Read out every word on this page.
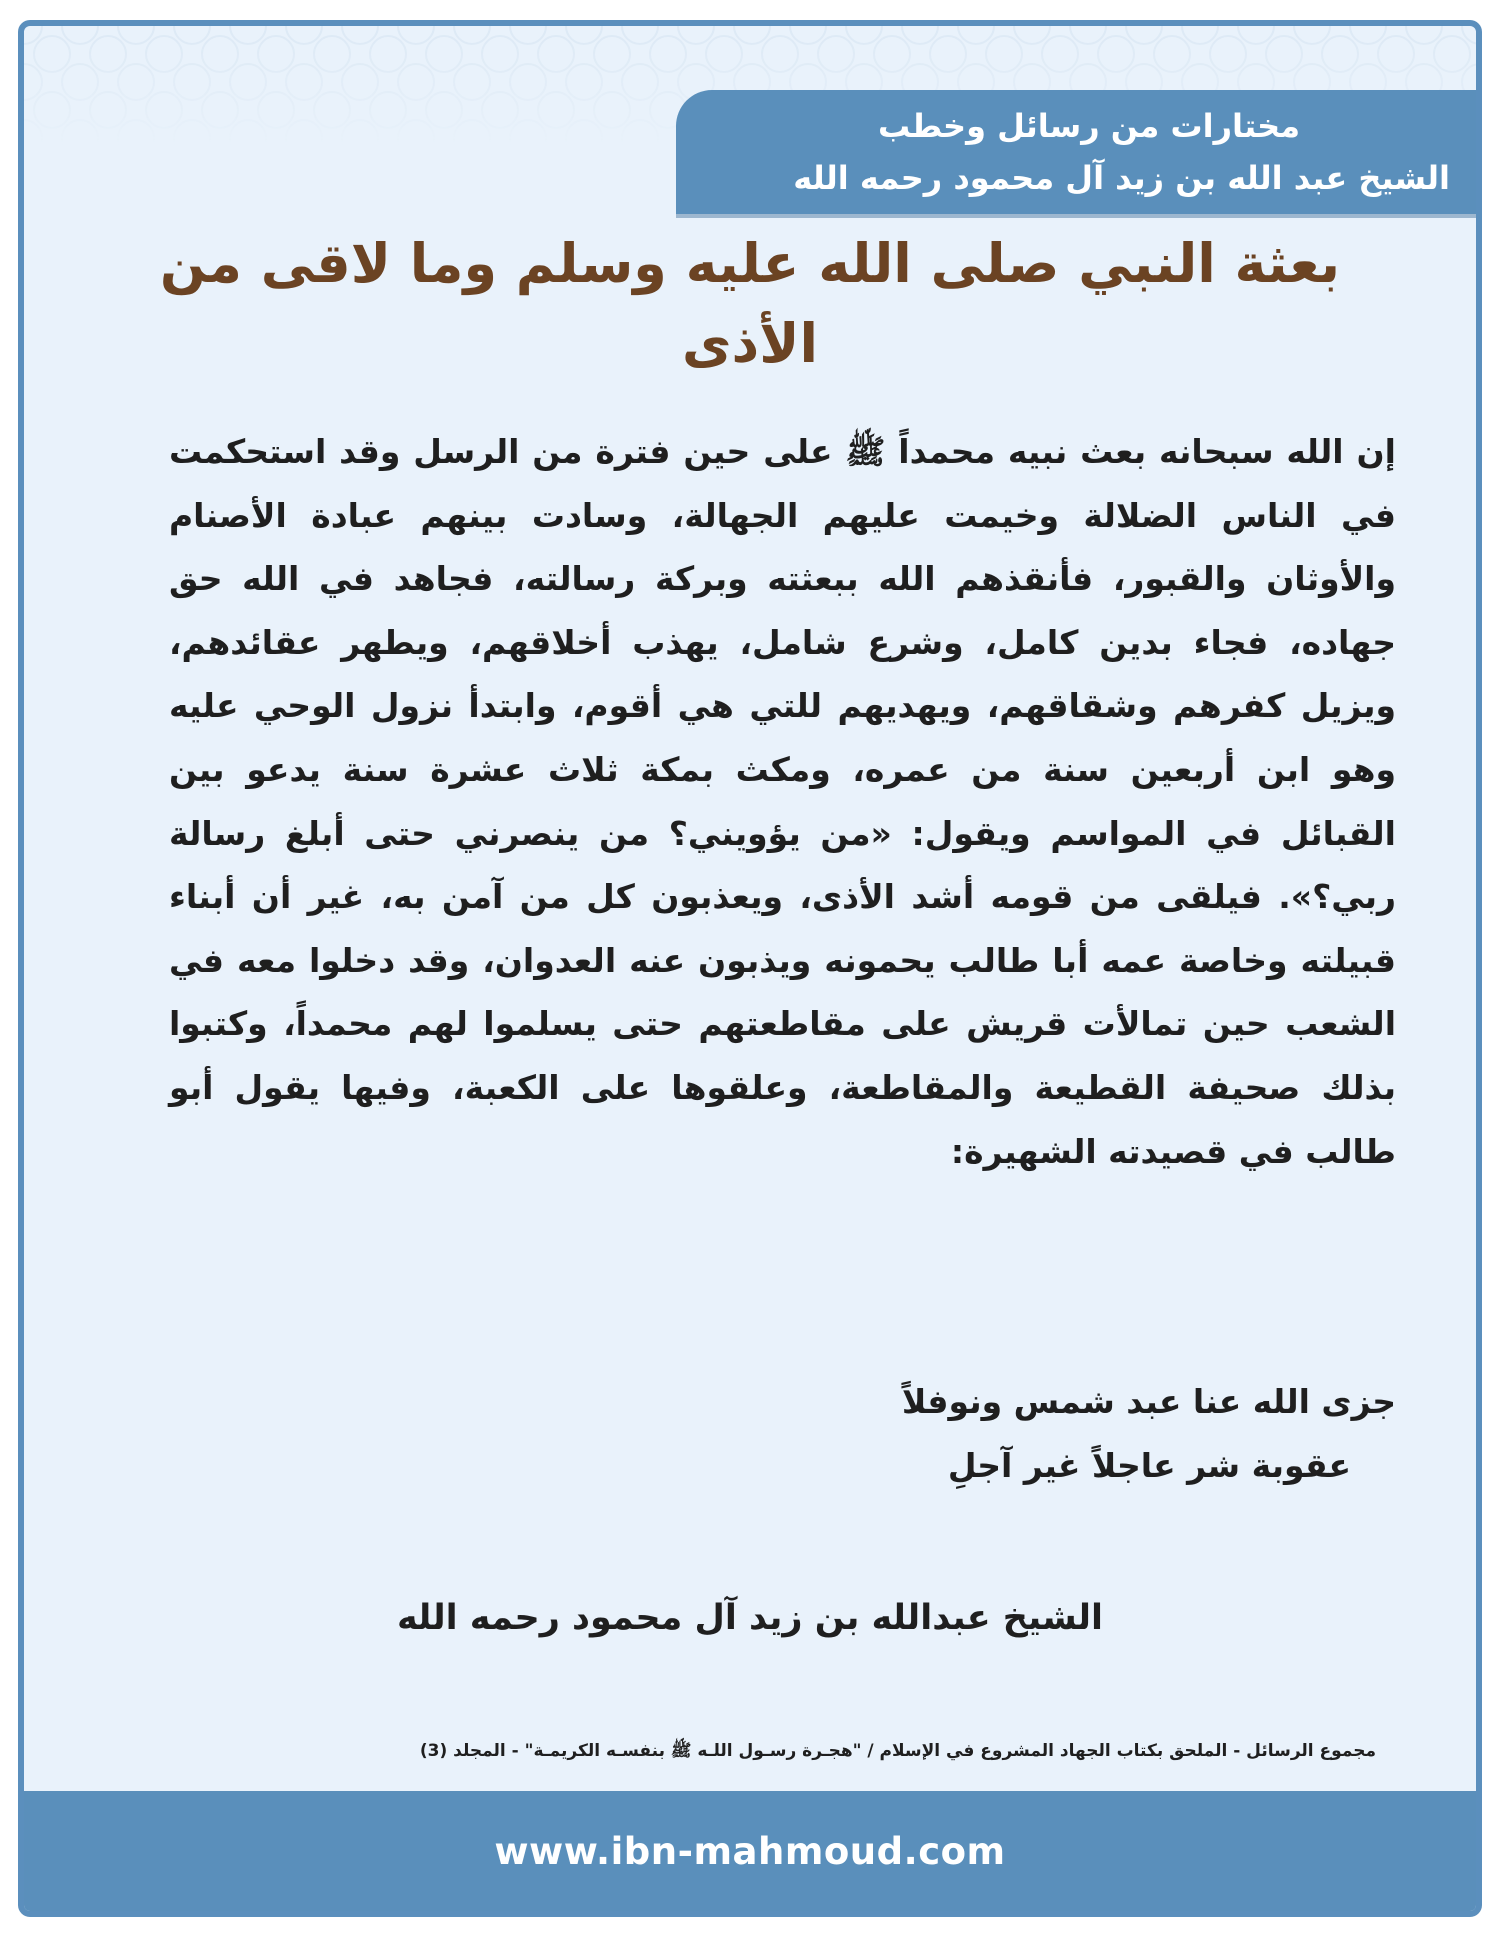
مختارات من رسائل وخطب
الشيخ عبد الله بن زيد آل محمود رحمه الله
بعثة النبي صلى الله عليه وسلم وما لاقى من الأذى
إن الله سبحانه بعث نبيه محمداً ﷺ على حين فترة من الرسل وقد استحكمت في الناس الضلالة وخيمت عليهم الجهالة، وسادت بينهم عبادة الأصنام والأوثان والقبور، فأنقذهم الله ببعثته وبركة رسالته، فجاهد في الله حق جهاده، فجاء بدين كامل، وشرع شامل، يهذب أخلاقهم، ويطهر عقائدهم، ويزيل كفرهم وشقاقهم، ويهديهم للتي هي أقوم، وابتدأ نزول الوحي عليه وهو ابن أربعين سنة من عمره، ومكث بمكة ثلاث عشرة سنة يدعو بين القبائل في المواسم ويقول: «من يؤويني؟ من ينصرني حتى أبلغ رسالة ربي؟». فيلقى من قومه أشد الأذى، ويعذبون كل من آمن به، غير أن أبناء قبيلته وخاصة عمه أبا طالب يحمونه ويذبون عنه العدوان، وقد دخلوا معه في الشعب حين تمالأت قريش على مقاطعتهم حتى يسلموا لهم محمداً، وكتبوا بذلك صحيفة القطيعة والمقاطعة، وعلقوها على الكعبة، وفيها يقول أبو طالب في قصيدته الشهيرة:
جزى الله عنا عبد شمس ونوفلاً
عقوبة شر عاجلاً غير آجلِ
الشيخ عبدالله بن زيد آل محمود رحمه الله
مجموع الرسائل - الملحق بكتاب الجهاد المشروع في الإسلام / "هجـرة رسـول اللـه ﷺ بنفسـه الكريمـة" - المجلد (3)
www.ibn-mahmoud.com
